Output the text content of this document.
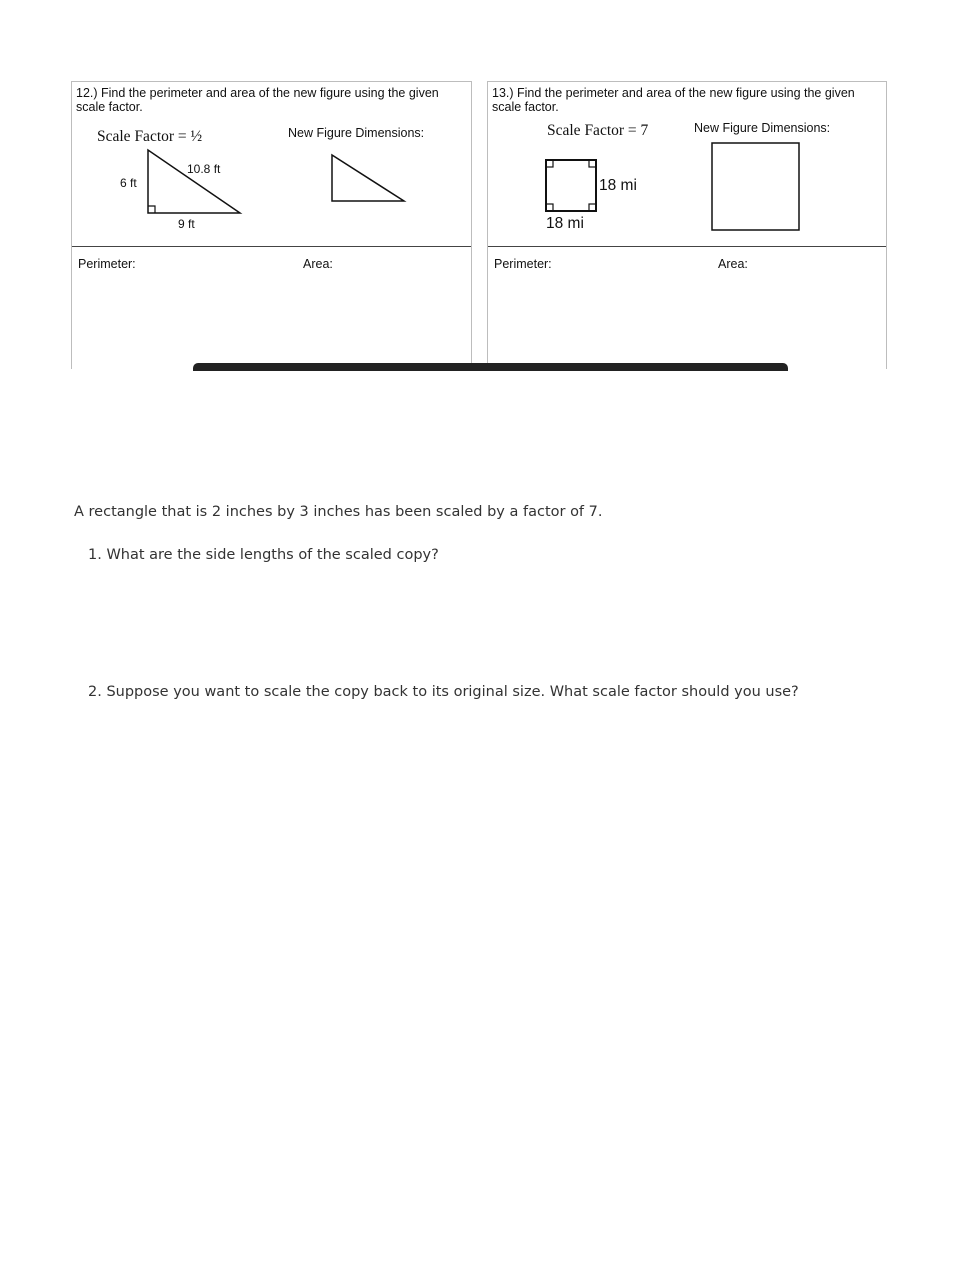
12.) Find the perimeter and area of the new figure using the given scale factor.
Scale Factor = ½	New Figure Dimensions:
6 ft
10.8 ft
9 ft
Perimeter:	Area:
13.) Find the perimeter and area of the new figure using the given scale factor.
Scale Factor = 7	New Figure Dimensions:
18 mi
18 mi
Perimeter:	Area:
A rectangle that is 2 inches by 3 inches has been scaled by a factor of 7.
1. What are the side lengths of the scaled copy?
2. Suppose you want to scale the copy back to its original size. What scale factor should you use?
